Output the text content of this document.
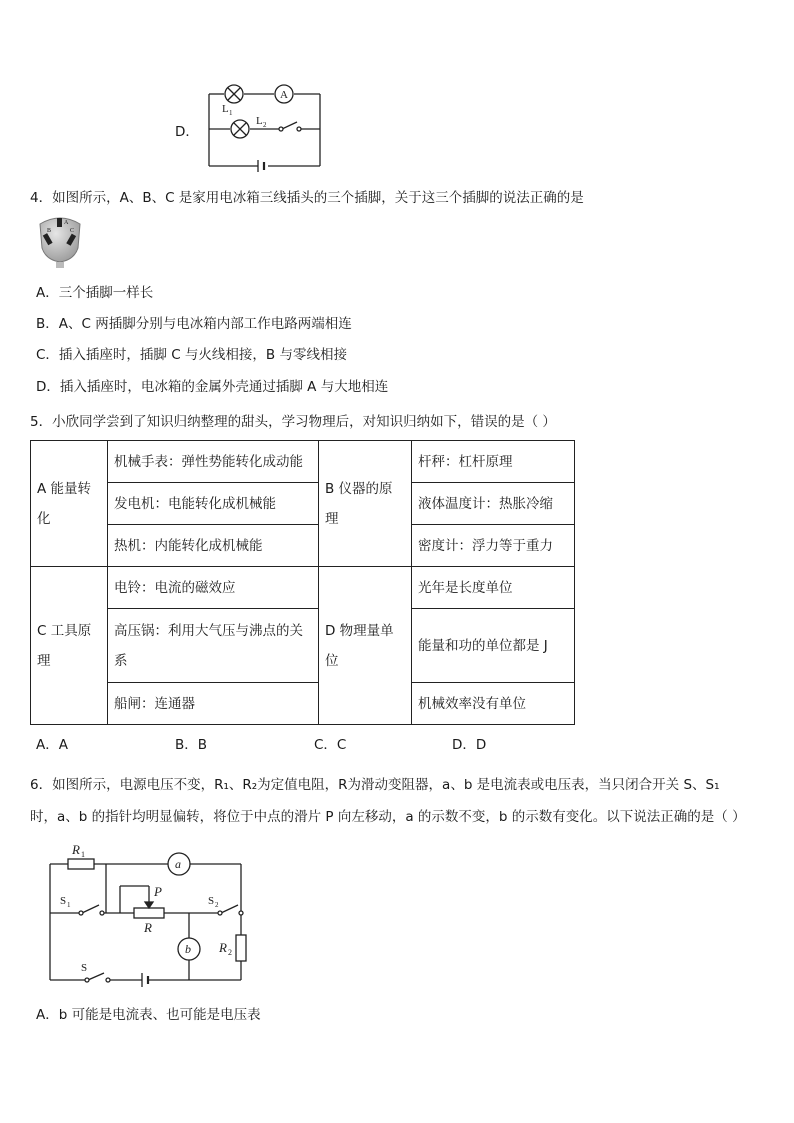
D．
A
L 1
L 2
4．如图所示，A、B、C 是家用电冰箱三线插头的三个插脚，关于这三个插脚的说法正确的是
B
A
C
A．三个插脚一样长
B．A、C 两插脚分别与电冰箱内部工作电路两端相连
C．插入插座时，插脚 C 与火线相接，B 与零线相接
D．插入插座时，电冰箱的金属外壳通过插脚 A 与大地相连
5．小欣同学尝到了知识归纳整理的甜头，学习物理后，对知识归纳如下，错误的是（ ）
A 能量转化	机械手表：弹性势能转化成动能	B 仪器的原理	杆秤：杠杆原理
	发电机：电能转化成机械能		液体温度计：热胀冷缩
	热机：内能转化成机械能		密度计：浮力等于重力
C 工具原理	电铃：电流的磁效应	D 物理量单位	光年是长度单位
	高压锅：利用大气压与沸点的关系		能量和功的单位都是 J
	船闸：连通器		机械效率没有单位
A．A	B．B	C．C	D．D
6．如图所示，电源电压不变，R₁、R₂为定值电阻，R为滑动变阻器，a、b 是电流表或电压表，当只闭合开关 S、S₁
时，a、b 的指针均明显偏转，将位于中点的滑片 P 向左移动，a 的示数不变，b 的示数有变化。以下说法正确的是（ ）
R 1
a
b
P
R
S 1	S 2
R 2
S
A．b 可能是电流表、也可能是电压表
